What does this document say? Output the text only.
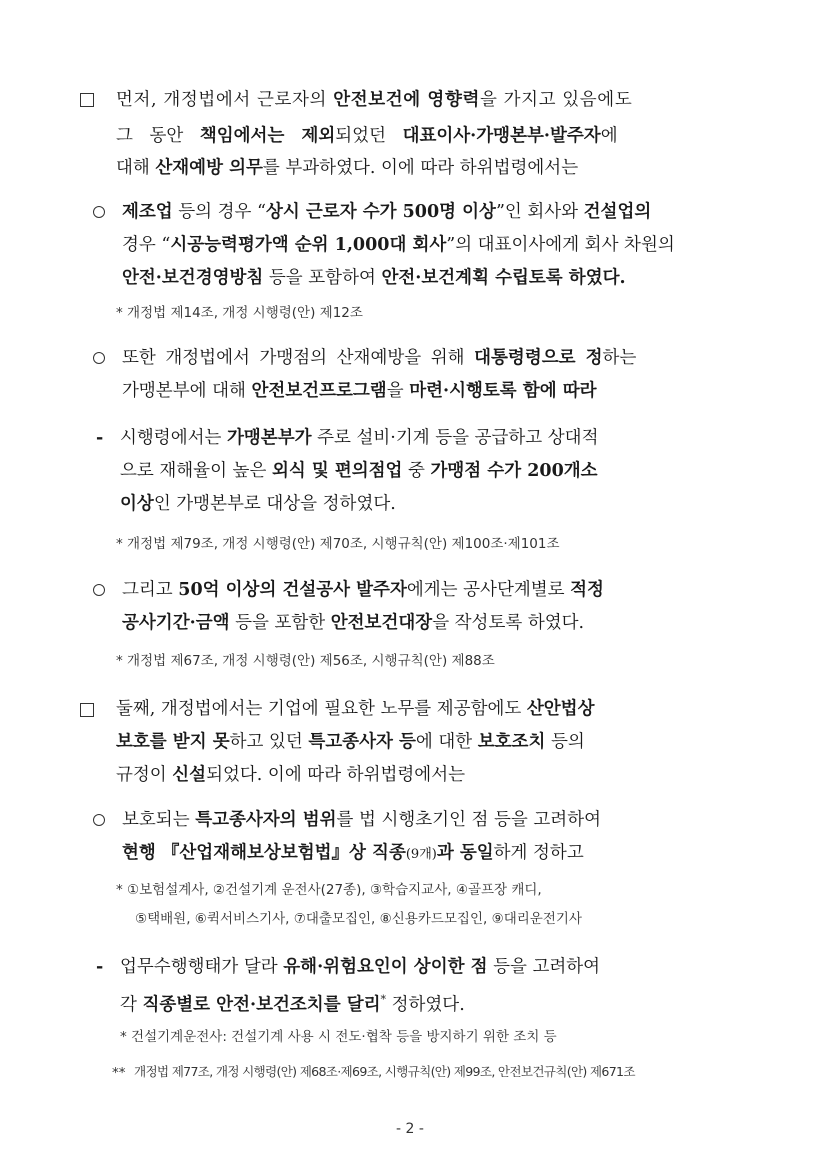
먼저, 개정법에서 근로자의 안전보건에 영향력을 가지고 있음에도
그 동안 책임에서는 제외되었던 대표이사·가맹본부·발주자에
대해 산재예방 의무를 부과하였다. 이에 따라 하위법령에서는
제조업 등의 경우 “상시 근로자 수가 500명 이상”인 회사와 건설업의
경우 “시공능력평가액 순위 1,000대 회사”의 대표이사에게 회사 차원의
안전·보건경영방침 등을 포함하여 안전·보건계획 수립토록 하였다.
* 개정법 제14조, 개정 시행령(안) 제12조
또한 개정법에서 가맹점의 산재예방을 위해 대통령령으로 정하는
가맹본부에 대해 안전보건프로그램을 마련·시행토록 함에 따라
- 시행령에서는 가맹본부가 주로 설비·기계 등을 공급하고 상대적
으로 재해율이 높은 외식 및 편의점업 중 가맹점 수가 200개소
이상인 가맹본부로 대상을 정하였다.
* 개정법 제79조, 개정 시행령(안) 제70조, 시행규칙(안) 제100조·제101조
그리고 50억 이상의 건설공사 발주자에게는 공사단계별로 적정
공사기간·금액 등을 포함한 안전보건대장을 작성토록 하였다.
* 개정법 제67조, 개정 시행령(안) 제56조, 시행규칙(안) 제88조
둘째, 개정법에서는 기업에 필요한 노무를 제공함에도 산안법상
보호를 받지 못하고 있던 특고종사자 등에 대한 보호조치 등의
규정이 신설되었다. 이에 따라 하위법령에서는
보호되는 특고종사자의 범위를 법 시행초기인 점 등을 고려하여
현행 『산업재해보상보험법』상 직종(9개)과 동일하게 정하고
* ①보험설계사, ②건설기계 운전사(27종), ③학습지교사, ④골프장 캐디,
⑤택배원, ⑥퀵서비스기사, ⑦대출모집인, ⑧신용카드모집인, ⑨대리운전기사
- 업무수행행태가 달라 유해·위험요인이 상이한 점 등을 고려하여
각 직종별로 안전·보건조치를 달리* 정하였다.
* 건설기계운전사: 건설기계 사용 시 전도·협착 등을 방지하기 위한 조치 등
** 개정법 제77조, 개정 시행령(안) 제68조·제69조, 시행규칙(안) 제99조, 안전보건규칙(안) 제671조
- 2 -
